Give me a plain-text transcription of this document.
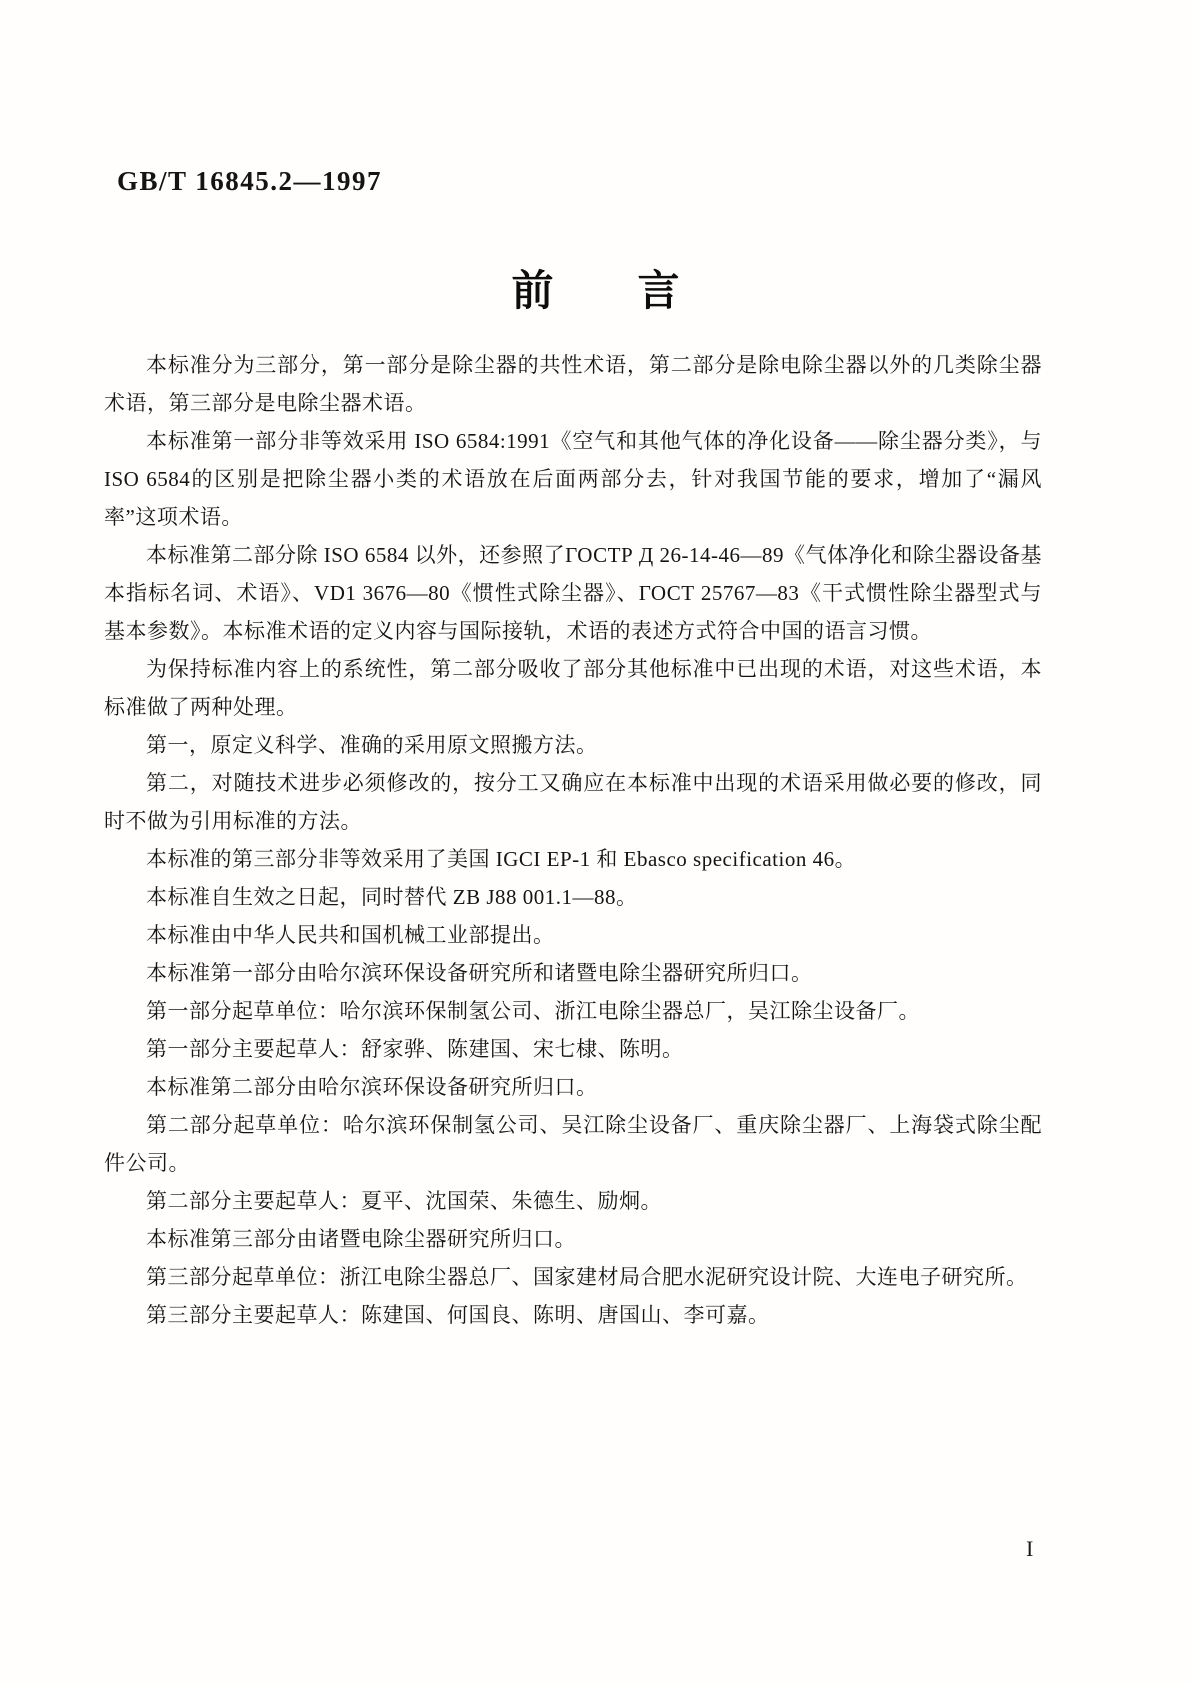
GB/T 16845.2—1997
前　　言

本标准分为三部分，第一部分是除尘器的共性术语，第二部分是除电除尘器以外的几类除尘器术语，第三部分是电除尘器术语。

本标准第一部分非等效采用 ISO 6584:1991《空气和其他气体的净化设备——除尘器分类》，与 ISO 6584的区别是把除尘器小类的术语放在后面两部分去，针对我国节能的要求，增加了“漏风率”这项术语。

本标准第二部分除 ISO 6584 以外，还参照了ГОСТР Д 26-14-46—89《气体净化和除尘器设备基本指标名词、术语》、VD1 3676—80《惯性式除尘器》、ГОСТ 25767—83《干式惯性除尘器型式与基本参数》。本标准术语的定义内容与国际接轨，术语的表述方式符合中国的语言习惯。

为保持标准内容上的系统性，第二部分吸收了部分其他标准中已出现的术语，对这些术语，本标准做了两种处理。

第一，原定义科学、准确的采用原文照搬方法。

第二，对随技术进步必须修改的，按分工又确应在本标准中出现的术语采用做必要的修改，同时不做为引用标准的方法。

本标准的第三部分非等效采用了美国 IGCI EP-1 和 Ebasco specification 46。

本标准自生效之日起，同时替代 ZB J88 001.1—88。

本标准由中华人民共和国机械工业部提出。

本标准第一部分由哈尔滨环保设备研究所和诸暨电除尘器研究所归口。

第一部分起草单位：哈尔滨环保制氢公司、浙江电除尘器总厂，吴江除尘设备厂。

第一部分主要起草人：舒家骅、陈建国、宋七棣、陈明。

本标准第二部分由哈尔滨环保设备研究所归口。

第二部分起草单位：哈尔滨环保制氢公司、吴江除尘设备厂、重庆除尘器厂、上海袋式除尘配件公司。

第二部分主要起草人：夏平、沈国荣、朱德生、励炯。

本标准第三部分由诸暨电除尘器研究所归口。

第三部分起草单位：浙江电除尘器总厂、国家建材局合肥水泥研究设计院、大连电子研究所。

第三部分主要起草人：陈建国、何国良、陈明、唐国山、李可嘉。

I
